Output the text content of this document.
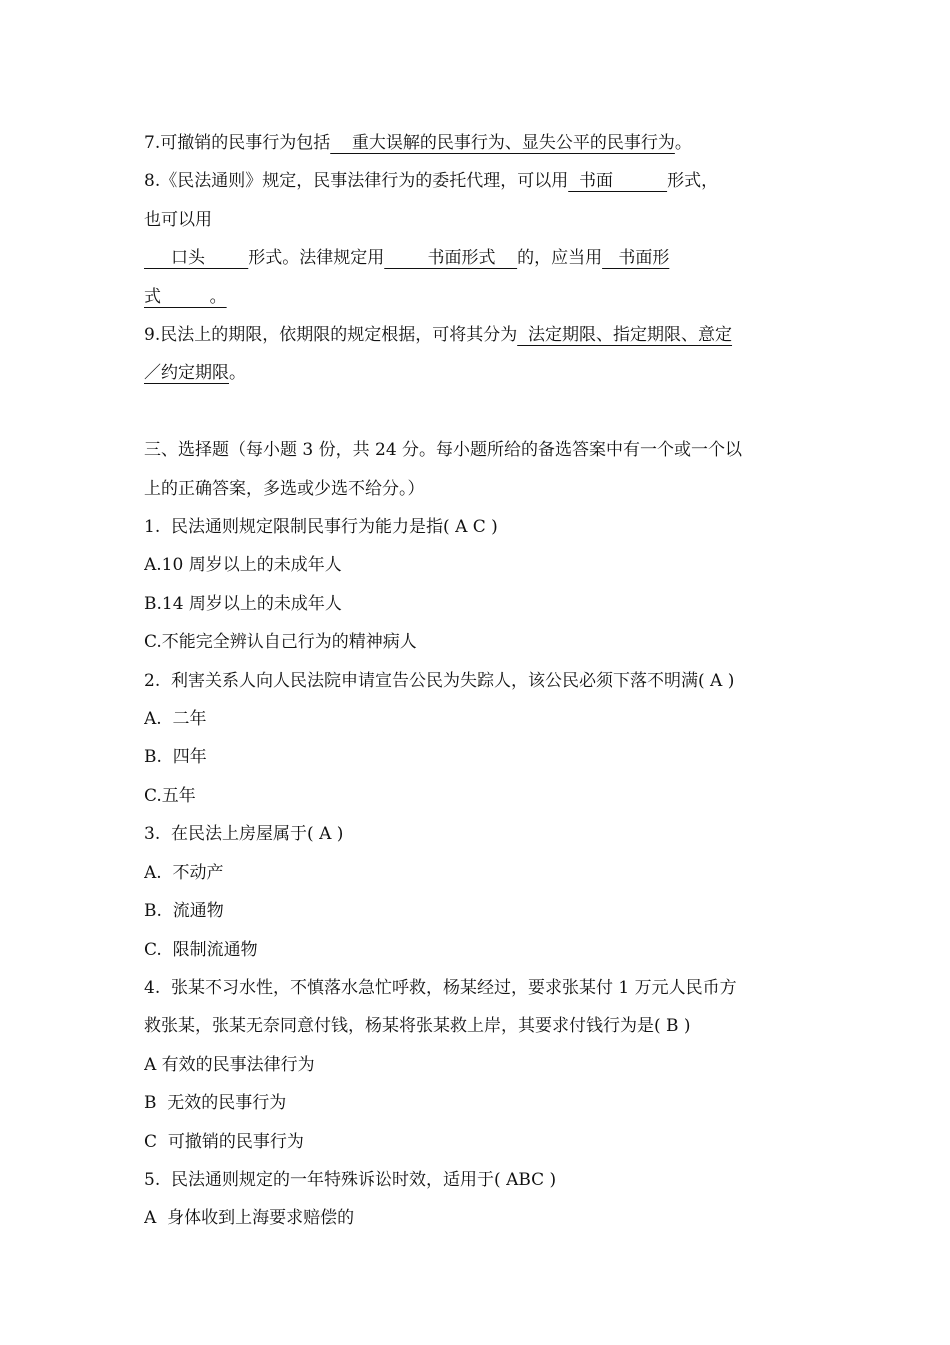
7.可撤销的民事行为包括    重大误解的民事行为、显失公平的民事行为。
8.《民法通则》规定，民事法律行为的委托代理，可以用  书面          形式，
也可以用
口头        形式。法律规定用        书面形式    的，应当用   书面形
式         。
9.民法上的期限，依期限的规定根据，可将其分为  法定期限、指定期限、意定
／约定期限。
三、选择题（每小题 3 份，共 24 分。每小题所给的备选答案中有一个或一个以
上的正确答案，多选或少选不给分。）
1.  民法通则规定限制民事行为能力是指( A C )
A.10 周岁以上的未成年人
B.14 周岁以上的未成年人
C.不能完全辨认自己行为的精神病人
2.  利害关系人向人民法院申请宣告公民为失踪人，该公民必须下落不明满( A )
A.  二年
B.  四年
C.五年
3.  在民法上房屋属于( A )
A.  不动产
B.  流通物
C.  限制流通物
4.  张某不习水性，不慎落水急忙呼救，杨某经过，要求张某付 1 万元人民币方
救张某，张某无奈同意付钱，杨某将张某救上岸，其要求付钱行为是( B )
A 有效的民事法律行为
B  无效的民事行为
C  可撤销的民事行为
5.  民法通则规定的一年特殊诉讼时效，适用于( ABC )
A  身体收到上海要求赔偿的
